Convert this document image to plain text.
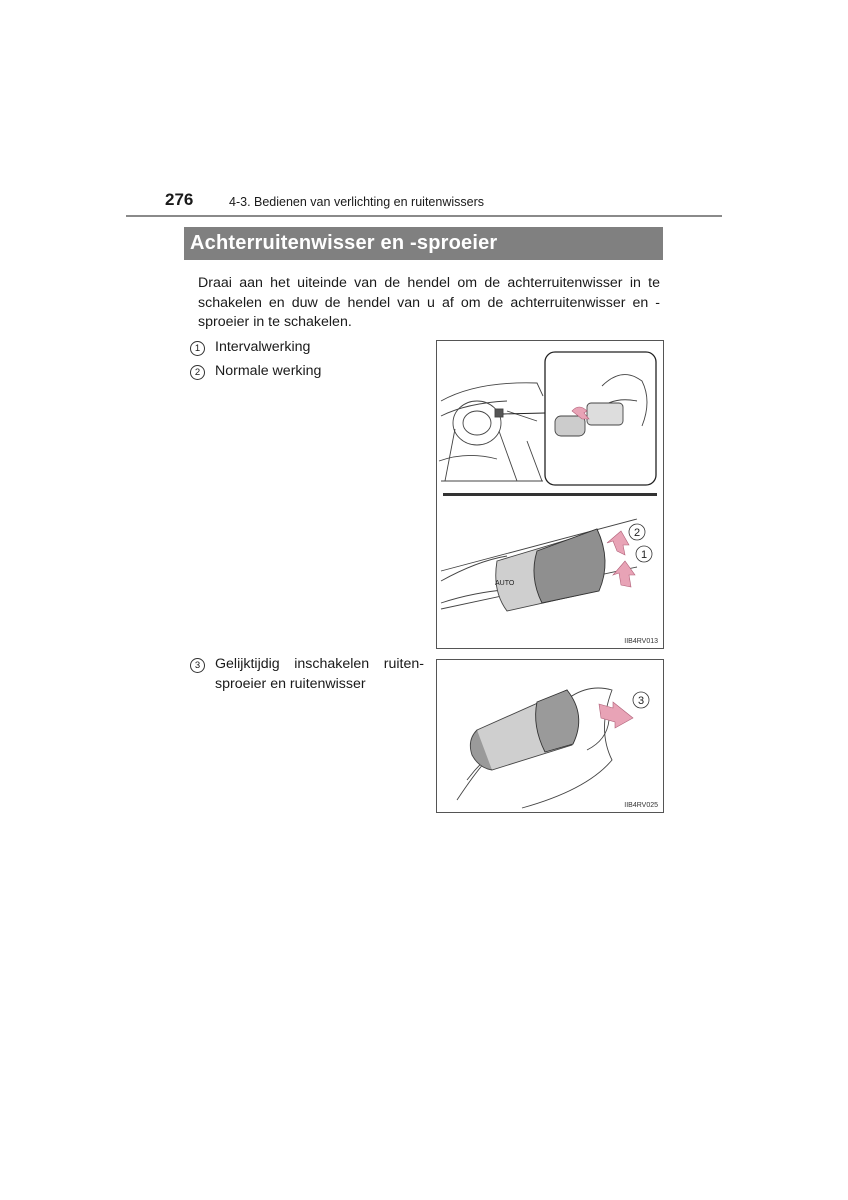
276	4-3. Bedienen van verlichting en ruitenwissers
Achterruitenwisser en -sproeier
Draai aan het uiteinde van de hendel om de achterruitenwisser in te schakelen en duw de hendel van u af om de achterruitenwisser en -sproeier in te schakelen.
1	Intervalwerking
2	Normale werking
3	Gelijktijdig inschakelen ruiten-sproeier en ruitenwisser
AUTO
2
1
IIB4RV013
3
IIB4RV025
